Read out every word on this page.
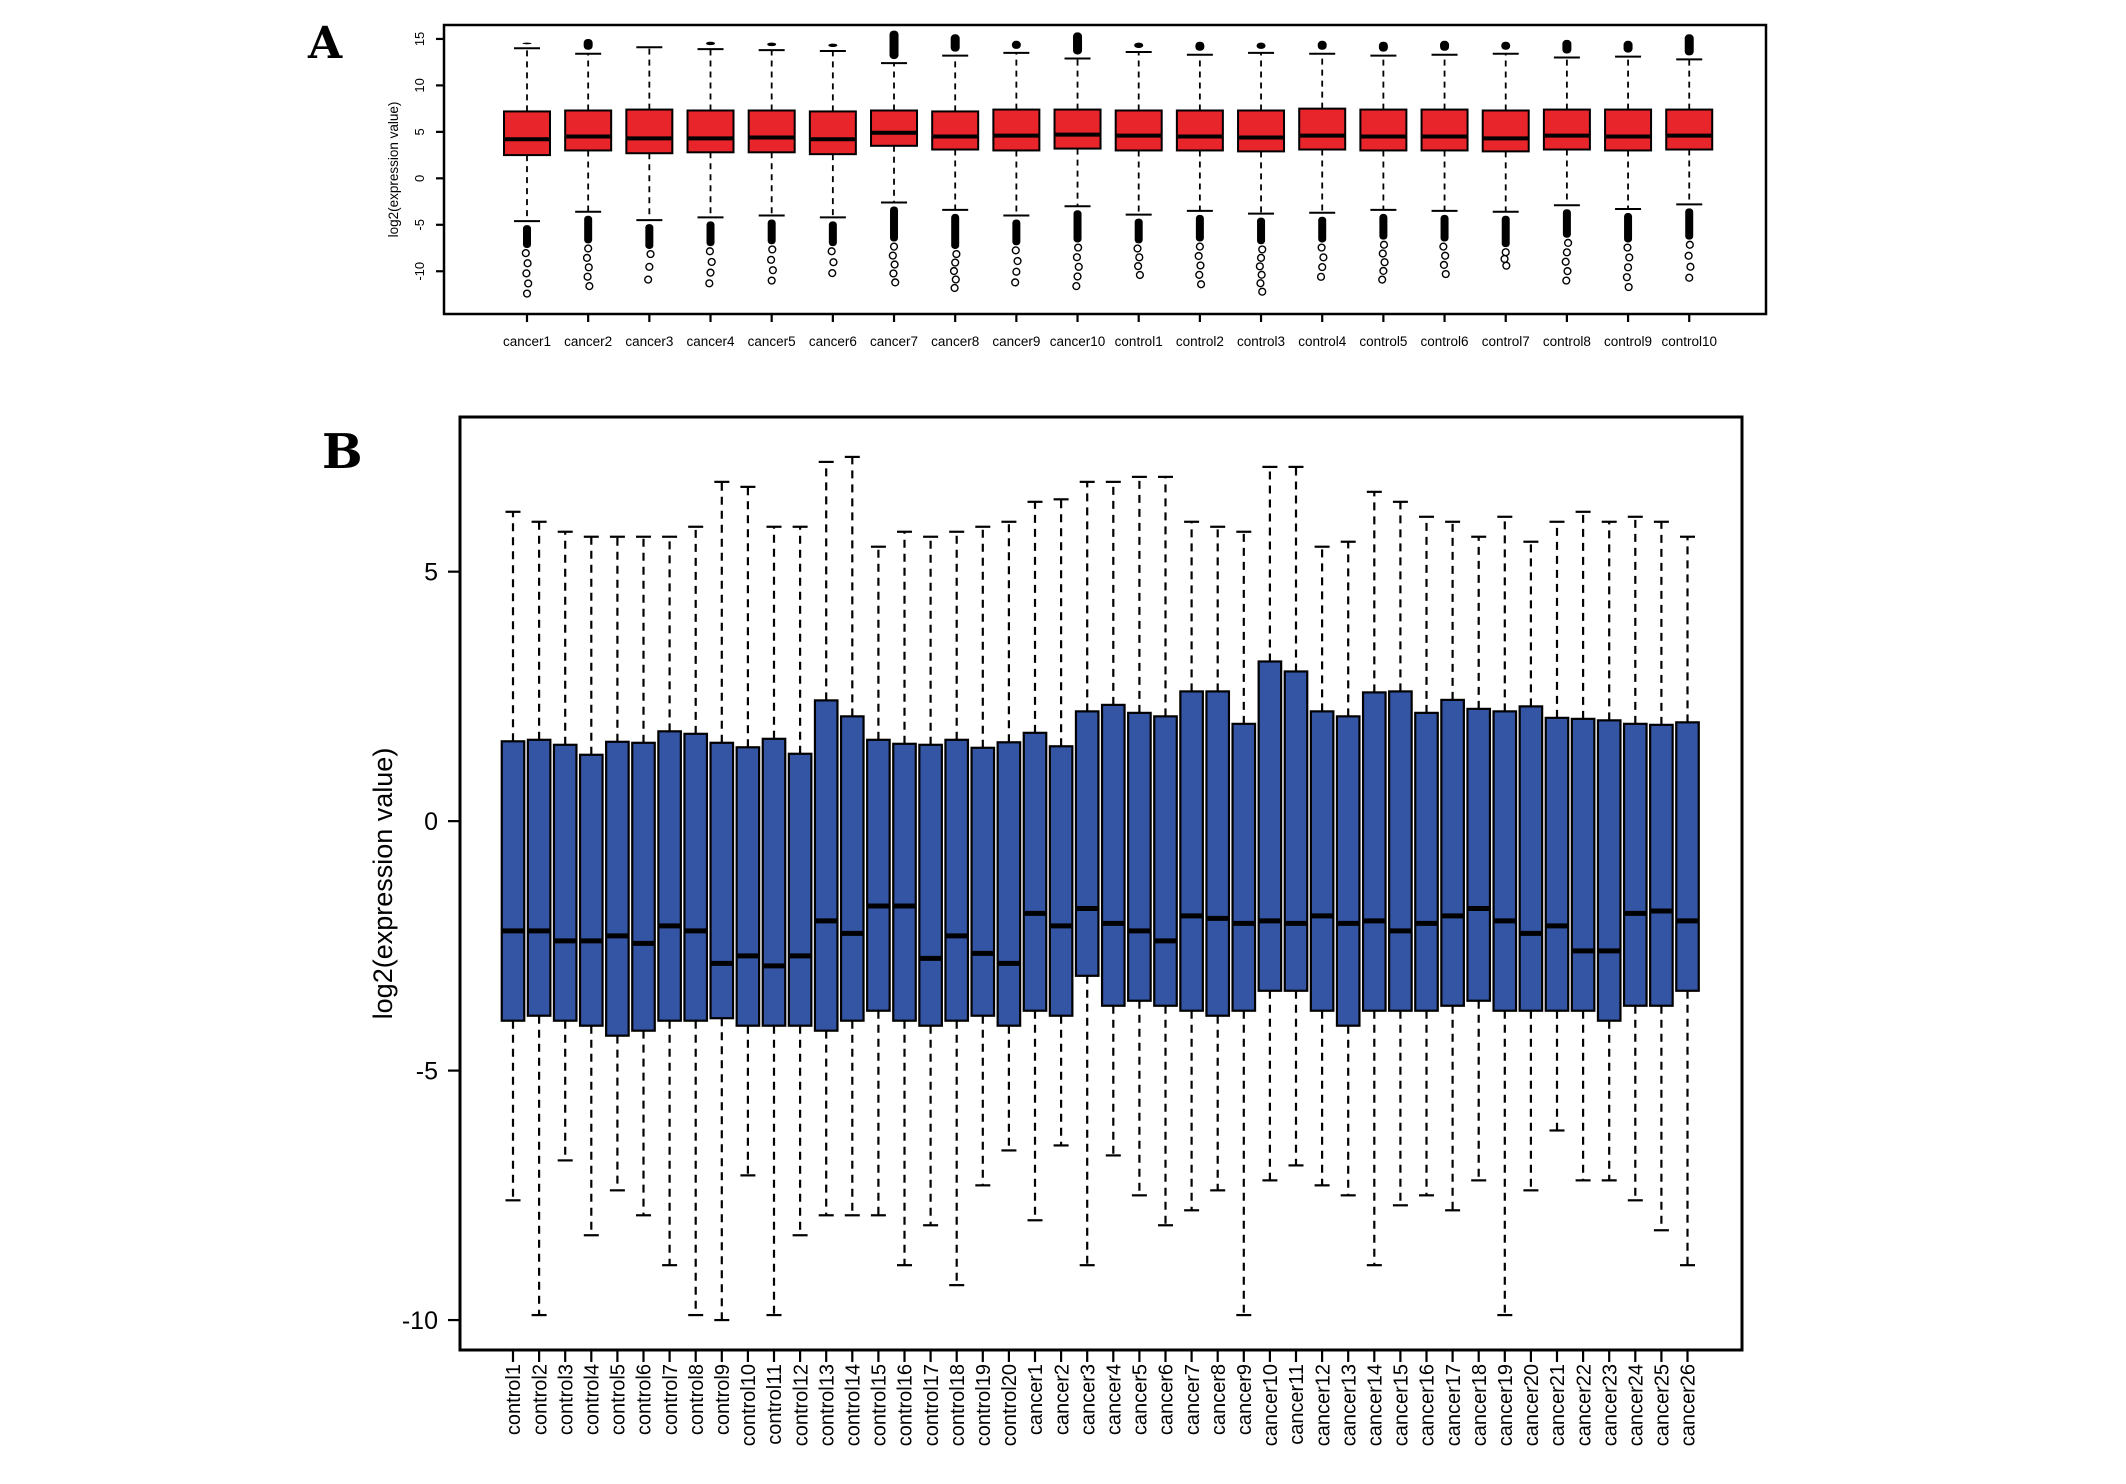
A	15
10
5
0
-5
-10
log2(expression value)
cancer1 cancer2 cancer3 cancer4 cancer5 cancer6 cancer7 cancer8 cancer9 cancer10 control1 control2 control3 control4 control5 control6 control7 control8 control9 control10
B
5
0
-5
-10
log2(expression value)
control1 control2 control3 control4 control5 control6 control7 control8 control9 control10 control11 control12 control13 control14 control15 control16 control17 control18 control19 control20 cancer1 cancer2 cancer3 cancer4 cancer5 cancer6 cancer7 cancer8 cancer9 cancer10 cancer11 cancer12 cancer13 cancer14 cancer15 cancer16 cancer17 cancer18 cancer19 cancer20 cancer21 cancer22 cancer23 cancer24 cancer25 cancer26
